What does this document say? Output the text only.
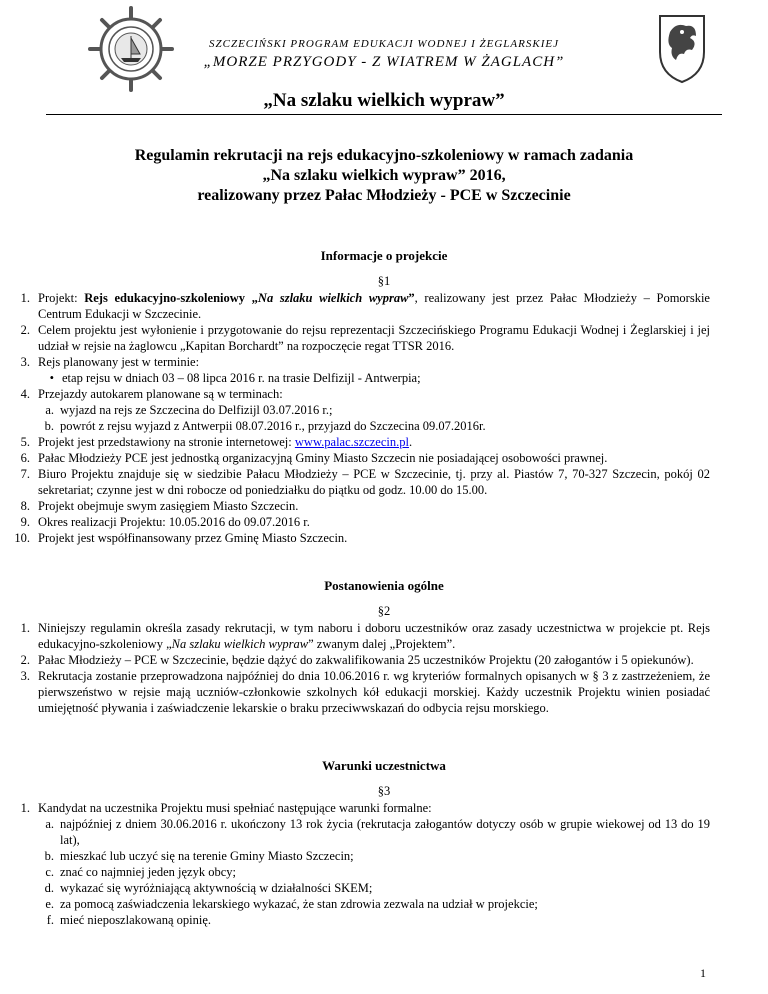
SZCZECIŃSKI PROGRAM EDUKACJI WODNEJ I ŻEGLARSKIEJ
„MORZE PRZYGODY - Z WIATREM W ŻAGLACH”
„Na szlaku wielkich wypraw”
Regulamin rekrutacji na rejs edukacyjno-szkoleniowy w ramach zadania
„Na szlaku wielkich wypraw” 2016,
realizowany przez Pałac Młodzieży - PCE w Szczecinie
Informacje o projekcie
§1
1. Projekt: Rejs edukacyjno-szkoleniowy „Na szlaku wielkich wypraw”, realizowany jest przez Pałac Młodzieży – Pomorskie Centrum Edukacji w Szczecinie.
2. Celem projektu jest wyłonienie i przygotowanie do rejsu reprezentacji Szczecińskiego Programu Edukacji Wodnej i Żeglarskiej i jej udział w rejsie na żaglowcu „Kapitan Borchardt” na rozpoczęcie regat TTSR 2016.
3. Rejs planowany jest w terminie:
• etap rejsu w dniach 03 – 08 lipca 2016 r. na trasie Delfizijl - Antwerpia;
4. Przejazdy autokarem planowane są w terminach:
a. wyjazd na rejs ze Szczecina do Delfizijl 03.07.2016 r.;
b. powrót z rejsu wyjazd z Antwerpii 08.07.2016 r., przyjazd do Szczecina 09.07.2016r.
5. Projekt jest przedstawiony na stronie internetowej: www.palac.szczecin.pl.
6. Pałac Młodzieży PCE jest jednostką organizacyjną Gminy Miasto Szczecin nie posiadającej osobowości prawnej.
7. Biuro Projektu znajduje się w siedzibie Pałacu Młodzieży – PCE w Szczecinie, tj. przy al. Piastów 7, 70-327 Szczecin, pokój 02 sekretariat; czynne jest w dni robocze od poniedziałku do piątku od godz. 10.00 do 15.00.
8. Projekt obejmuje swym zasięgiem Miasto Szczecin.
9. Okres realizacji Projektu: 10.05.2016 do 09.07.2016 r.
10. Projekt jest współfinansowany przez Gminę Miasto Szczecin.
Postanowienia ogólne
§2
1. Niniejszy regulamin określa zasady rekrutacji, w tym naboru i doboru uczestników oraz zasady uczestnictwa w projekcie pt. Rejs edukacyjno-szkoleniowy „Na szlaku wielkich wypraw” zwanym dalej „Projektem”.
2. Pałac Młodzieży – PCE w Szczecinie, będzie dążyć do zakwalifikowania 25 uczestników Projektu (20 załogantów i 5 opiekunów).
3. Rekrutacja zostanie przeprowadzona najpóźniej do dnia 10.06.2016 r. wg kryteriów formalnych opisanych w § 3 z zastrzeżeniem, że pierwszeństwo w rejsie mają uczniów-członkowie szkolnych kół edukacji morskiej. Każdy uczestnik Projektu winien posiadać umiejętność pływania i zaświadczenie lekarskie o braku przeciwwskazań do odbycia rejsu morskiego.
Warunki uczestnictwa
§3
1. Kandydat na uczestnika Projektu musi spełniać następujące warunki formalne:
a. najpóźniej z dniem 30.06.2016 r. ukończony 13 rok życia (rekrutacja załogantów dotyczy osób w grupie wiekowej od 13 do 19 lat),
b. mieszkać lub uczyć się na terenie Gminy Miasto Szczecin;
c. znać co najmniej jeden język obcy;
d. wykazać się wyróżniającą aktywnością w działalności SKEM;
e. za pomocą zaświadczenia lekarskiego wykazać, że stan zdrowia zezwala na udział w projekcie;
f. mieć nieposzlakowaną opinię.
1
